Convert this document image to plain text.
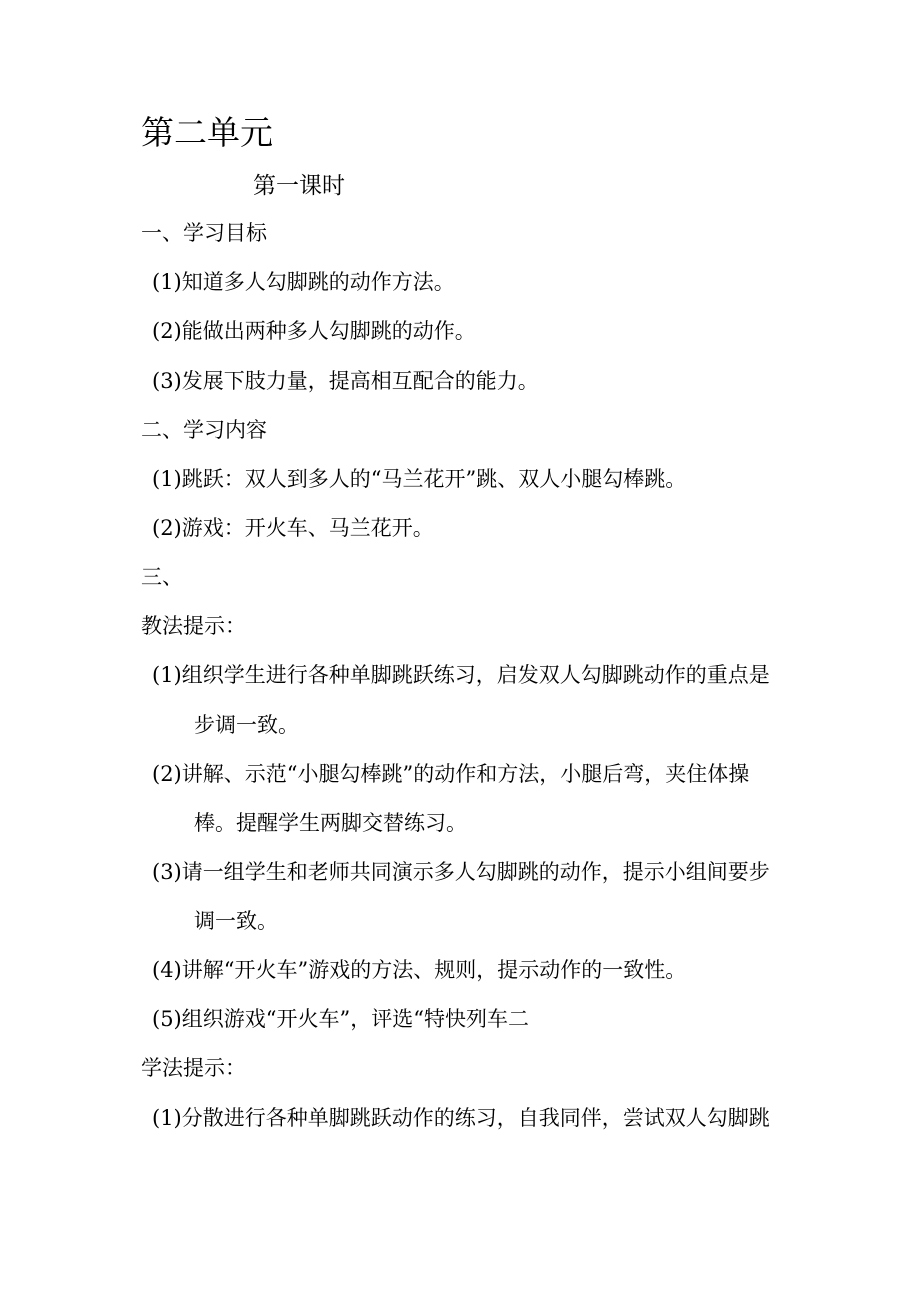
第二单元
第一课时
一、学习目标
(1)知道多人勾脚跳的动作方法。
(2)能做出两种多人勾脚跳的动作。
(3)发展下肢力量，提高相互配合的能力。
二、学习内容
(1)跳跃：双人到多人的“马兰花开”跳、双人小腿勾棒跳。
(2)游戏：开火车、马兰花开。
三、
教法提示：
(1)组织学生进行各种单脚跳跃练习，启发双人勾脚跳动作的重点是
步调一致。
(2)讲解、示范“小腿勾棒跳”的动作和方法，小腿后弯，夹住体操
棒。提醒学生两脚交替练习。
(3)请一组学生和老师共同演示多人勾脚跳的动作，提示小组间要步
调一致。
(4)讲解“开火车”游戏的方法、规则，提示动作的一致性。
(5)组织游戏“开火车”，评选“特快列车二
学法提示：
(1)分散进行各种单脚跳跃动作的练习，自我同伴，尝试双人勾脚跳
